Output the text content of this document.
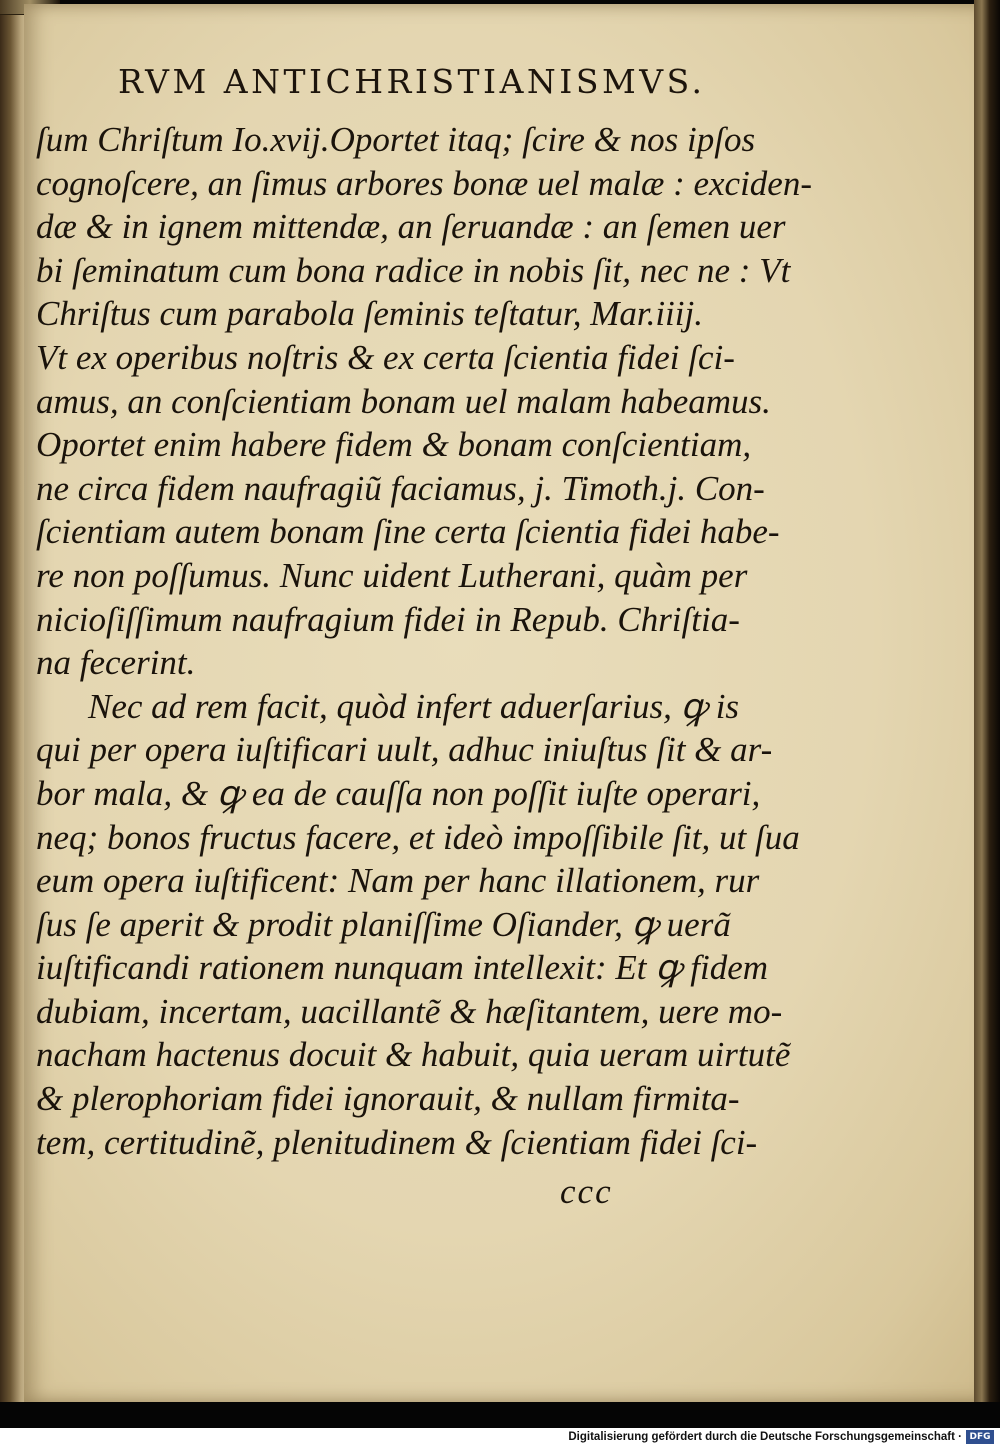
RVM ANTICHRISTIANISMVS.
ſum Chriſtum Io.xvij.Oportet itaq; ſcire & nos ipſos
cognoſcere, an ſimus arbores bonæ uel malæ : exciden-
dæ & in ignem mittendæ, an ſeruandæ : an ſemen uer
bi ſeminatum cum bona radice in nobis ſit, nec ne : Vt
Chriſtus cum parabola ſeminis teſtatur, Mar.iiij.
Vt ex operibus noſtris & ex certa ſcientia fidei ſci-
amus, an conſcientiam bonam uel malam habeamus.
Oportet enim habere fidem & bonam conſcientiam,
ne circa fidem naufragiũ faciamus, j. Timoth.j. Con-
ſcientiam autem bonam ſine certa ſcientia fidei habe-
re non poſſumus. Nunc uident Lutherani, quàm per
nicioſiſſimum naufragium fidei in Repub. Chriſtia-
na fecerint.
Nec ad rem facit, quòd infert aduerſarius, ꝙ is
qui per opera iuſtificari uult, adhuc iniuſtus ſit & ar-
bor mala, & ꝙ ea de cauſſa non poſſit iuſte operari,
neq; bonos fructus facere, et ideò impoſſibile ſit, ut ſua
eum opera iuſtificent: Nam per hanc illationem, rur
ſus ſe aperit & prodit planiſſime Oſiander, ꝙ uerã
iuſtificandi rationem nunquam intellexit: Et ꝙ fidem
dubiam, incertam, uacillantẽ & hæſitantem, uere mo-
nacham hactenus docuit & habuit, quia ueram uirtutẽ
& plerophoriam fidei ignorauit, & nullam firmita-
tem, certitudinẽ, plenitudinem & ſcientiam fidei ſci-
ccc
Digitalisierung gefördert durch die Deutsche Forschungsgemeinschaft · DFG
